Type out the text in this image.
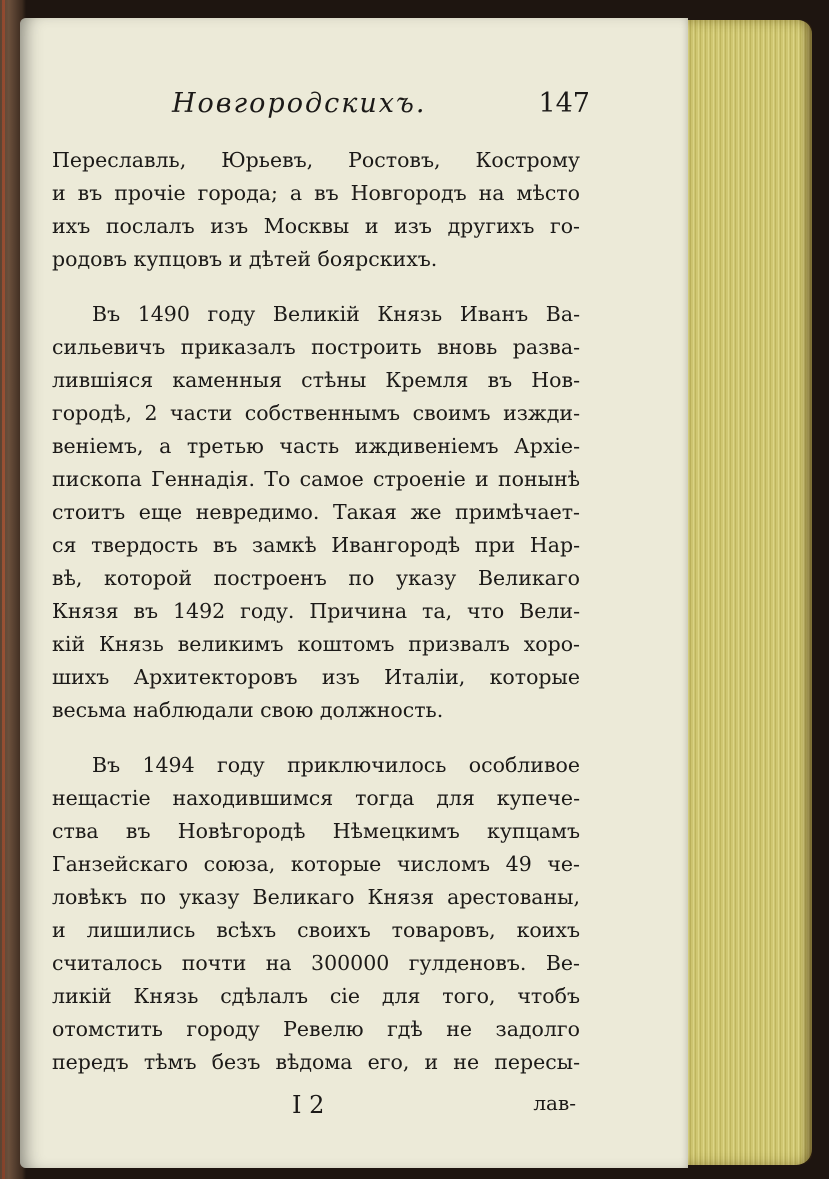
Новгородскихъ.	147
Переславль, Юрьевъ, Ростовъ, Кострому
и въ прочіе города; а въ Новгородъ на мѣсто
ихъ послалъ изъ Москвы и изъ другихъ го-
родовъ купцовъ и дѣтей боярскихъ.
Въ 1490 году Великій Князь Иванъ Ва-
сильевичъ приказалъ построить вновь разва-
лившіяся каменныя стѣны Кремля въ Нов-
городѣ, 2 части собственнымъ своимъ изжди-
веніемъ, а третью часть иждивеніемъ Архіе-
пископа Геннадія. То самое строеніе и понынѣ
стоитъ еще невредимо. Такая же примѣчает-
ся твердость въ замкѣ Ивангородѣ при Нар-
вѣ, которой построенъ по указу Великаго
Князя въ 1492 году. Причина та, что Вели-
кій Князь великимъ коштомъ призвалъ хоро-
шихъ Архитекторовъ изъ Италіи, которые
весьма наблюдали свою должность.
Въ 1494 году приключилось особливое
нещастіе находившимся тогда для купече-
ства въ Новѣгородѣ Нѣмецкимъ купцамъ
Ганзейскаго союза, которые числомъ 49 че-
ловѣкъ по указу Великаго Князя арестованы,
и лишились всѣхъ своихъ товаровъ, коихъ
считалось почти на 300000 гулденовъ. Ве-
ликій Князь сдѣлалъ сіе для того, чтобъ
отомстить городу Ревелю гдѣ не задолго
передъ тѣмъ безъ вѣдома его, и не пересы-
I 2	лав-
